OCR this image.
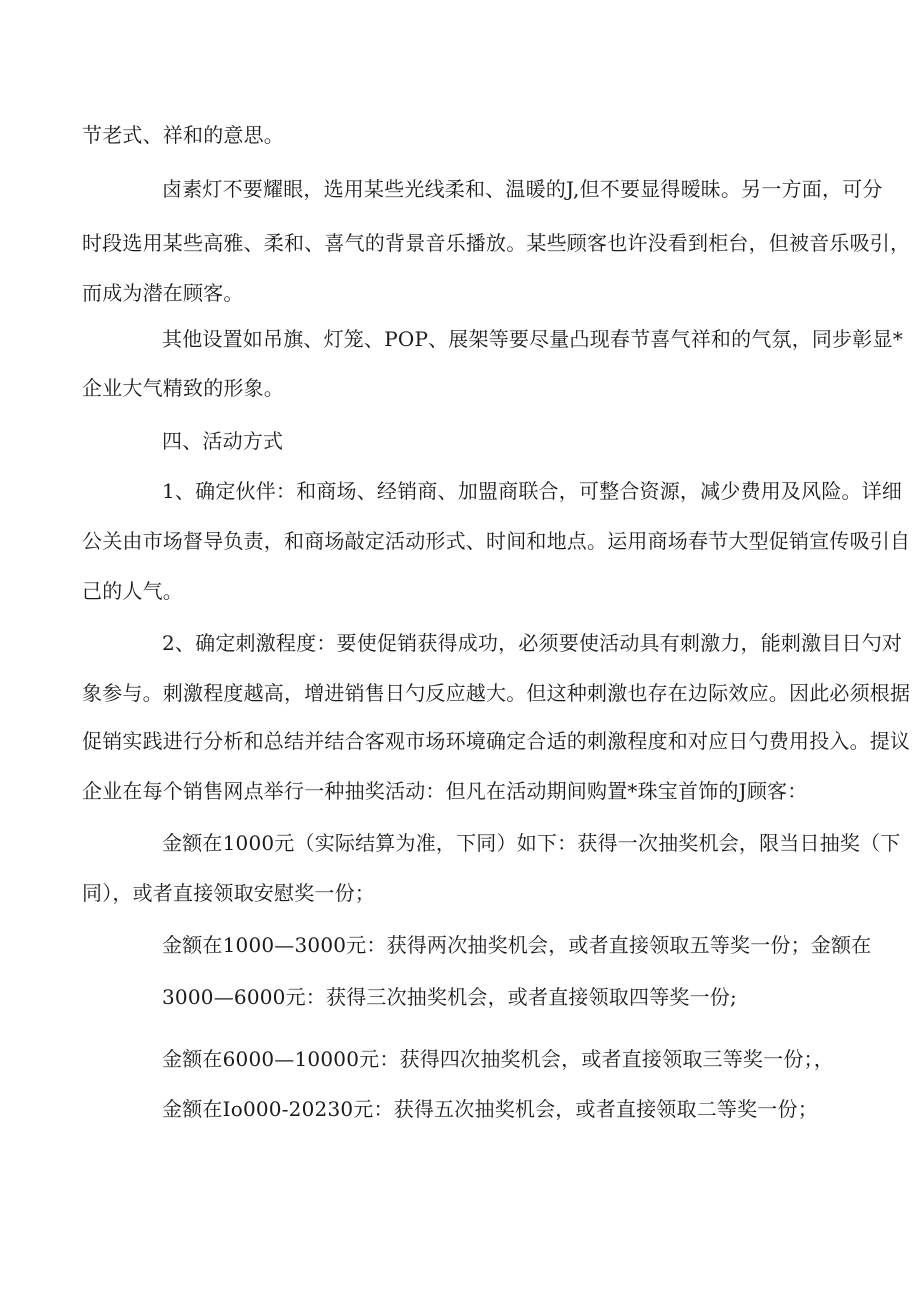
节老式、祥和的意思。
卤素灯不要耀眼，选用某些光线柔和、温暖的J,但不要显得暧昧。另一方面，可分
时段选用某些高雅、柔和、喜气的背景音乐播放。某些顾客也许没看到柜台，但被音乐吸引，
而成为潜在顾客。
其他设置如吊旗、灯笼、POP、展架等要尽量凸现春节喜气祥和的气氛，同步彰显*
企业大气精致的形象。
四、活动方式
1、确定伙伴：和商场、经销商、加盟商联合，可整合资源，减少费用及风险。详细
公关由市场督导负责，和商场敲定活动形式、时间和地点。运用商场春节大型促销宣传吸引自
己的人气。
2、确定刺激程度：要使促销获得成功，必须要使活动具有刺激力，能刺激目日勺对
象参与。刺激程度越高，增进销售日勺反应越大。但这种刺激也存在边际效应。因此必须根据
促销实践进行分析和总结并结合客观市场环境确定合适的刺激程度和对应日勺费用投入。提议
企业在每个销售网点举行一种抽奖活动：但凡在活动期间购置*珠宝首饰的J顾客：
金额在1000元（实际结算为准，下同）如下：获得一次抽奖机会，限当日抽奖（下
同），或者直接领取安慰奖一份；
金额在1000—3000元：获得两次抽奖机会，或者直接领取五等奖一份；金额在
3000—6000元：获得三次抽奖机会，或者直接领取四等奖一份;
金额在6000—10000元：获得四次抽奖机会，或者直接领取三等奖一份；，
金额在Io000-20230元：获得五次抽奖机会，或者直接领取二等奖一份；
